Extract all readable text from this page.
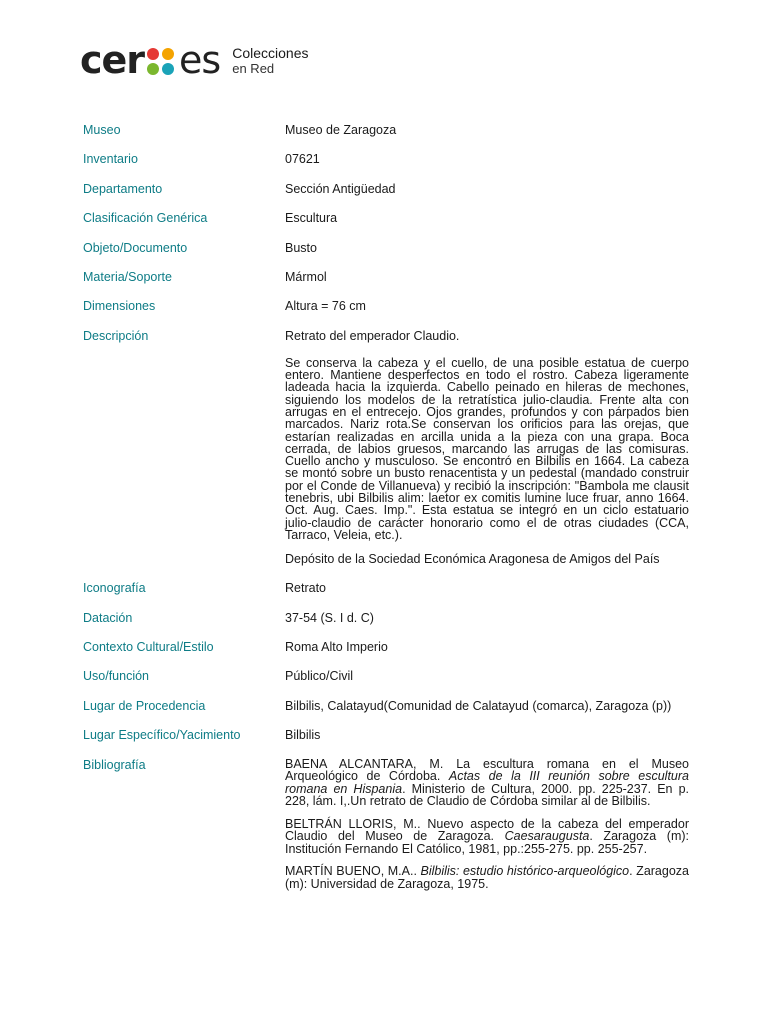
cer es Colecciones
en Red
Museo	Museo de Zaragoza
Inventario	07621
Departamento	Sección Antigüedad
Clasificación Genérica	Escultura
Objeto/Documento	Busto
Materia/Soporte	Mármol
Dimensiones	Altura = 76 cm
Descripción	Retrato del emperador Claudio.

Se conserva la cabeza y el cuello, de una posible estatua de cuerpo entero. Mantiene desperfectos en todo el rostro. Cabeza ligeramente ladeada hacia la izquierda. Cabello peinado en hileras de mechones, siguiendo los modelos de la retratística julio-claudia. Frente alta con arrugas en el entrecejo. Ojos grandes, profundos y con párpados bien marcados. Nariz rota.Se conservan los orificios para las orejas, que estarían realizadas en arcilla unida a la pieza con una grapa. Boca cerrada, de labios gruesos, marcando las arrugas de las comisuras. Cuello ancho y musculoso. Se encontró en Bilbilis en 1664. La cabeza se montó sobre un busto renacentista y un pedestal (mandado construir por el Conde de Villanueva) y recibió la inscripción: "Bambola me clausit tenebris, ubi Bilbilis alim: laetor ex comitis lumine luce fruar, anno 1664. Oct. Aug. Caes. Imp.". Esta estatua se integró en un ciclo estatuario julio-claudio de carácter honorario como el de otras ciudades (CCA, Tarraco, Veleia, etc.).

Depósito de la Sociedad Económica Aragonesa de Amigos del País

Iconografía	Retrato
Datación	37-54 (S. I d. C)
Contexto Cultural/Estilo	Roma Alto Imperio
Uso/función	Público/Civil
Lugar de Procedencia	Bilbilis, Calatayud(Comunidad de Calatayud (comarca), Zaragoza (p))
Lugar Específico/Yacimiento	Bilbilis
Bibliografía	BAENA ALCANTARA, M. La escultura romana en el Museo Arqueológico de Córdoba. Actas de la III reunión sobre escultura romana en Hispania. Ministerio de Cultura, 2000. pp. 225-237. En p. 228, lám. I,.Un retrato de Claudio de Córdoba similar al de Bilbilis.

BELTRÁN LLORIS, M.. Nuevo aspecto de la cabeza del emperador Claudio del Museo de Zaragoza. Caesaraugusta. Zaragoza (m): Institución Fernando El Católico, 1981, pp.:255-275. pp. 255-257.

MARTÍN BUENO, M.A.. Bilbilis: estudio histórico-arqueológico. Zaragoza (m): Universidad de Zaragoza, 1975.
